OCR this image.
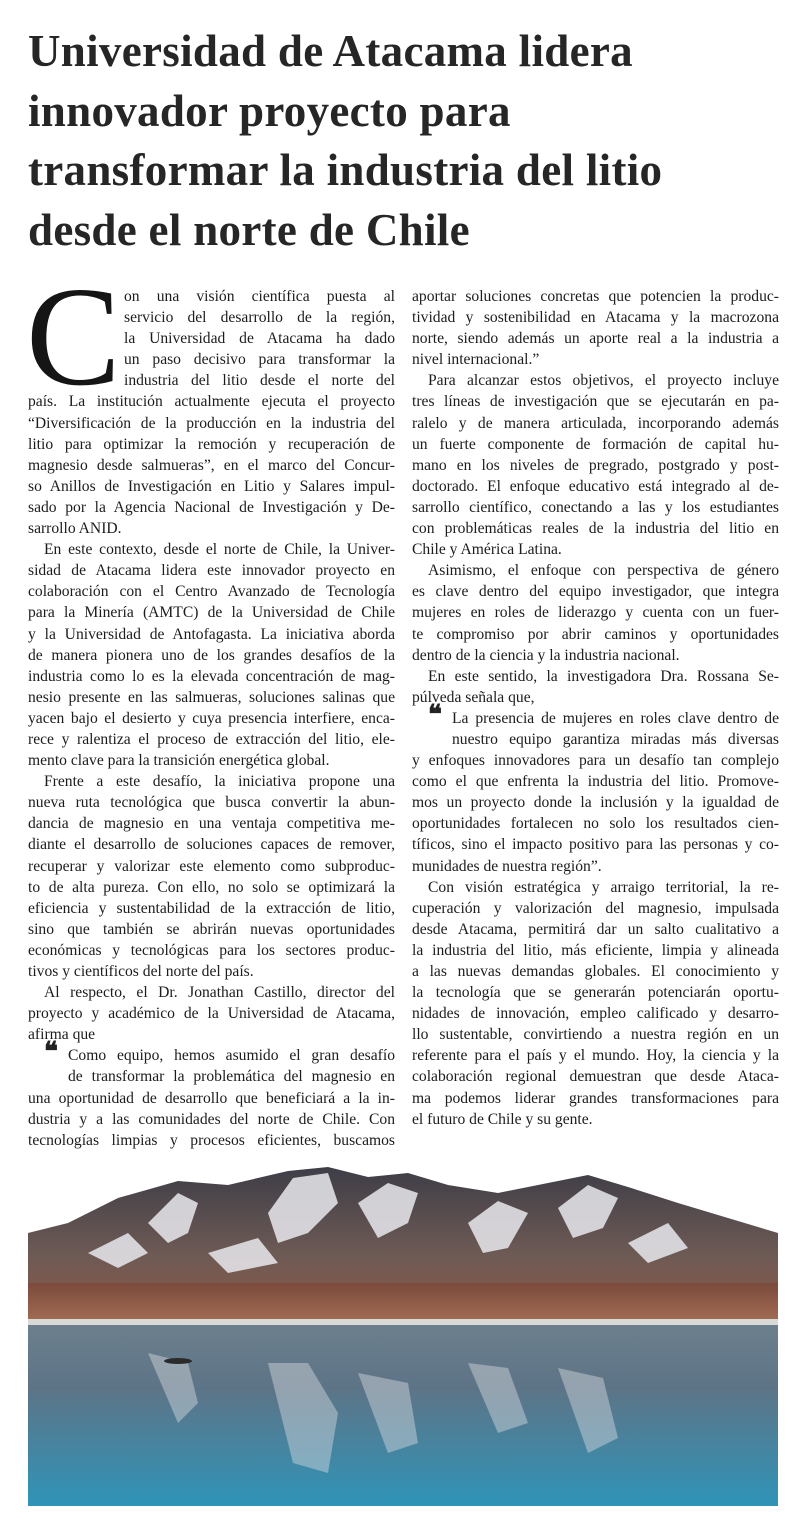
Universidad de Atacama lidera
innovador proyecto para
transformar la industria del litio
desde el norte de Chile
C on una visión científica puesta al
servicio del desarrollo de la región,
la Universidad de Atacama ha dado
un paso decisivo para transformar la
industria del litio desde el norte del
país. La institución actualmente ejecuta el proyecto
“Diversificación de la producción en la industria del
litio para optimizar la remoción y recuperación de
magnesio desde salmueras”, en el marco del Concur-
so Anillos de Investigación en Litio y Salares impul-
sado por la Agencia Nacional de Investigación y De-
sarrollo ANID.
En este contexto, desde el norte de Chile, la Univer-
sidad de Atacama lidera este innovador proyecto en
colaboración con el Centro Avanzado de Tecnología
para la Minería (AMTC) de la Universidad de Chile
y la Universidad de Antofagasta. La iniciativa aborda
de manera pionera uno de los grandes desafíos de la
industria como lo es la elevada concentración de mag-
nesio presente en las salmueras, soluciones salinas que
yacen bajo el desierto y cuya presencia interfiere, enca-
rece y ralentiza el proceso de extracción del litio, ele-
mento clave para la transición energética global.
Frente a este desafío, la iniciativa propone una
nueva ruta tecnológica que busca convertir la abun-
dancia de magnesio en una ventaja competitiva me-
diante el desarrollo de soluciones capaces de remover,
recuperar y valorizar este elemento como subproduc-
to de alta pureza. Con ello, no solo se optimizará la
eficiencia y sustentabilidad de la extracción de litio,
sino que también se abrirán nuevas oportunidades
económicas y tecnológicas para los sectores produc-
tivos y científicos del norte del país.
Al respecto, el Dr. Jonathan Castillo, director del
proyecto y académico de la Universidad de Atacama,
afirma que
❝ Como equipo, hemos asumido el gran desafío
de transformar la problemática del magnesio en
una oportunidad de desarrollo que beneficiará a la in-
dustria y a las comunidades del norte de Chile. Con
tecnologías limpias y procesos eficientes, buscamos
aportar soluciones concretas que potencien la produc-
tividad y sostenibilidad en Atacama y la macrozona
norte, siendo además un aporte real a la industria a
nivel internacional.”
Para alcanzar estos objetivos, el proyecto incluye
tres líneas de investigación que se ejecutarán en pa-
ralelo y de manera articulada, incorporando además
un fuerte componente de formación de capital hu-
mano en los niveles de pregrado, postgrado y post-
doctorado. El enfoque educativo está integrado al de-
sarrollo científico, conectando a las y los estudiantes
con problemáticas reales de la industria del litio en
Chile y América Latina.
Asimismo, el enfoque con perspectiva de género
es clave dentro del equipo investigador, que integra
mujeres en roles de liderazgo y cuenta con un fuer-
te compromiso por abrir caminos y oportunidades
dentro de la ciencia y la industria nacional.
En este sentido, la investigadora Dra. Rossana Se-
púlveda señala que,
❝ La presencia de mujeres en roles clave dentro de
nuestro equipo garantiza miradas más diversas
y enfoques innovadores para un desafío tan complejo
como el que enfrenta la industria del litio. Promove-
mos un proyecto donde la inclusión y la igualdad de
oportunidades fortalecen no solo los resultados cien-
tíficos, sino el impacto positivo para las personas y co-
munidades de nuestra región”.
Con visión estratégica y arraigo territorial, la re-
cuperación y valorización del magnesio, impulsada
desde Atacama, permitirá dar un salto cualitativo a
la industria del litio, más eficiente, limpia y alineada
a las nuevas demandas globales. El conocimiento y
la tecnología que se generarán potenciarán oportu-
nidades de innovación, empleo calificado y desarro-
llo sustentable, convirtiendo a nuestra región en un
referente para el país y el mundo. Hoy, la ciencia y la
colaboración regional demuestran que desde Ataca-
ma podemos liderar grandes transformaciones para
el futuro de Chile y su gente.
